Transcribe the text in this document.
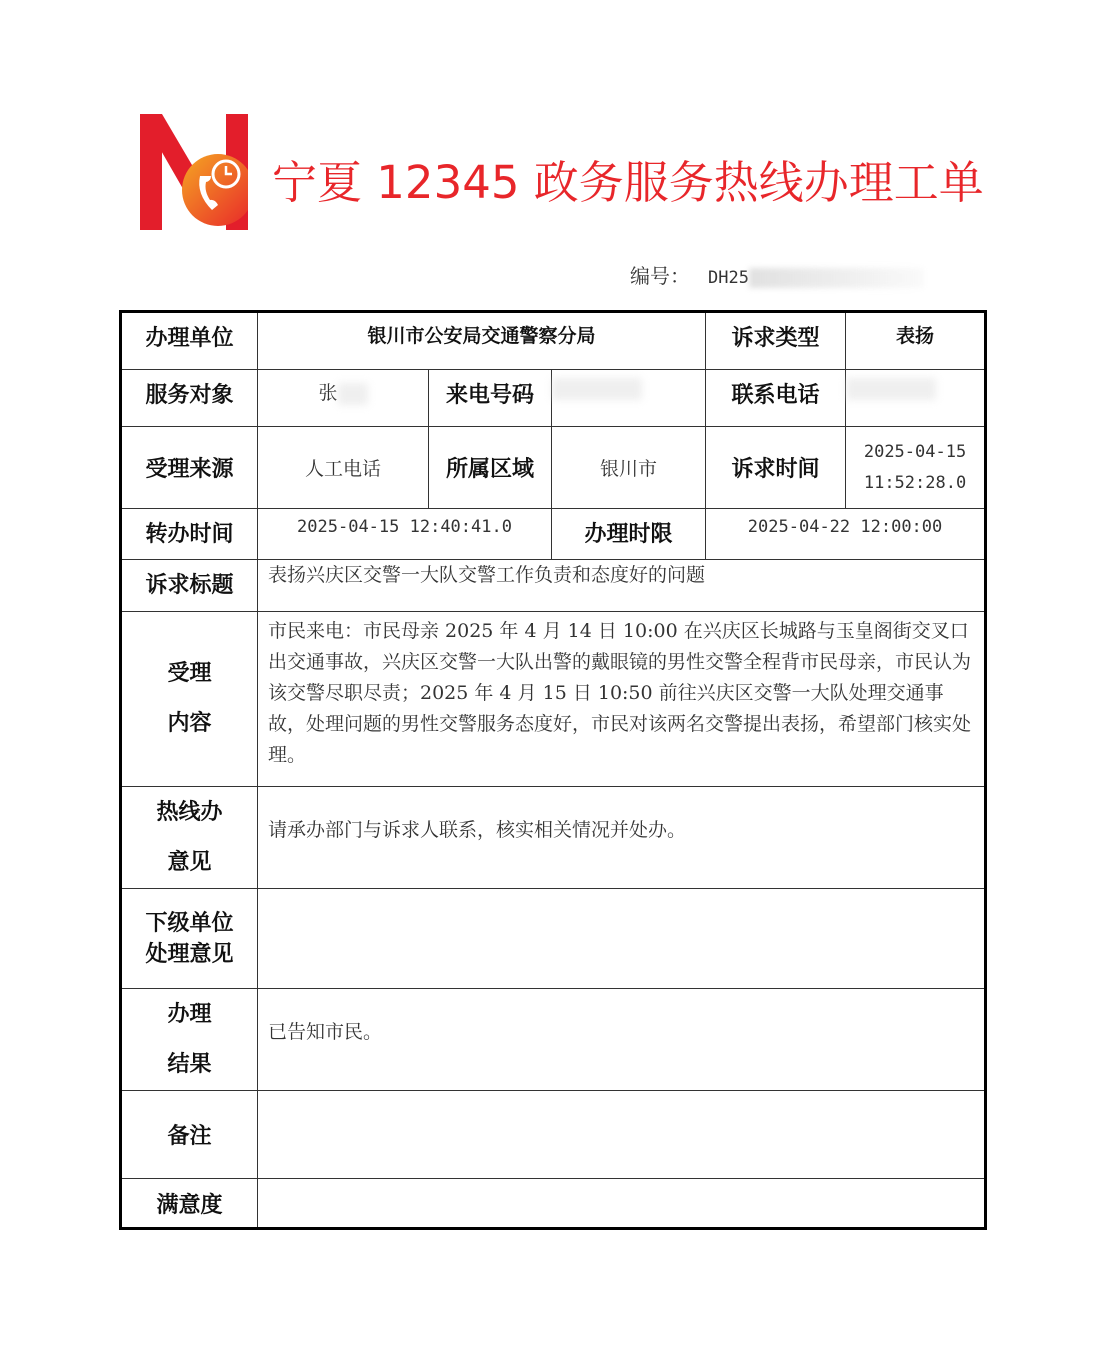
宁夏 12345 政务服务热线办理工单
编号： DH25
办理单位	银川市公安局交通警察分局			诉求类型	表扬
服务对象	张	来电号码		联系电话	
受理来源	人工电话	所属区域	银川市	诉求时间	2025-04-15
11:52:28.0

转办时间	2025-04-15 12:40:41.0		办理时限	2025-04-22 12:00:00	
诉求标题	表扬兴庆区交警一大队交警工作负责和态度好的问题				

受理
内容	市民来电：市民母亲 2025 年 4 月 14 日 10:00 在兴庆区长城路与玉皇阁街交叉口出交通事故，兴庆区交警一大队出警的戴眼镜的男性交警全程背市民母亲，市民认为该交警尽职尽责；2025 年 4 月 15 日 10:50 前往兴庆区交警一大队处理交通事故，处理问题的男性交警服务态度好，市民对该两名交警提出表扬，希望部门核实处理。				

热线办
意见	请承办部门与诉求人联系，核实相关情况并处办。				

下级单位
处理意见					

办理
结果	已告知市民。				
备注					
满意度					
